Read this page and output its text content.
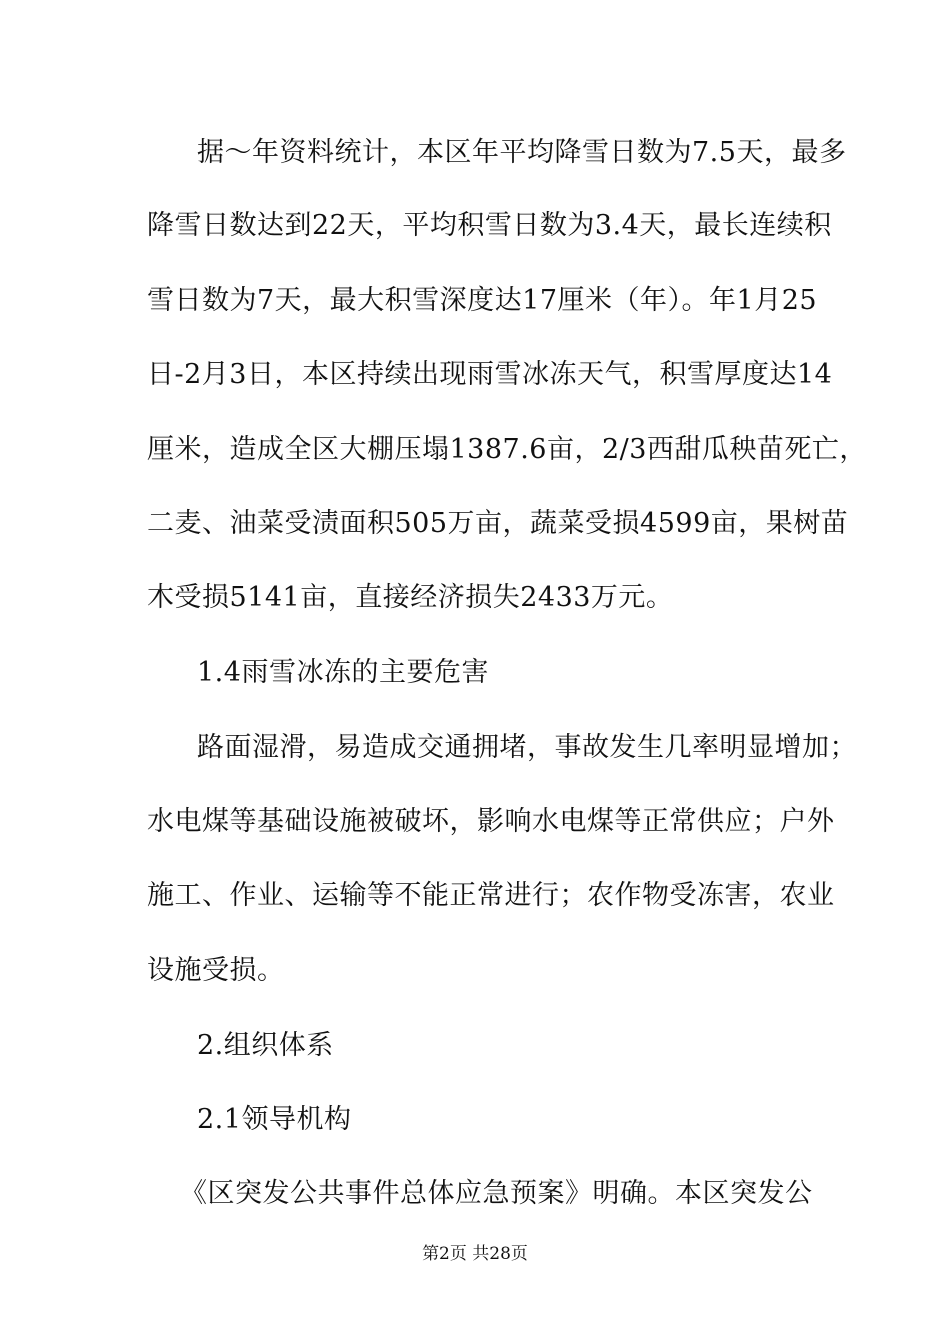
据～年资料统计，本区年平均降雪日数为7.5天，最多
降雪日数达到22天，平均积雪日数为3.4天，最长连续积
雪日数为7天，最大积雪深度达17厘米（年）。年1月25
日-2月3日，本区持续出现雨雪冰冻天气，积雪厚度达14
厘米，造成全区大棚压塌1387.6亩，2/3西甜瓜秧苗死亡，
二麦、油菜受渍面积505万亩，蔬菜受损4599亩，果树苗
木受损5141亩，直接经济损失2433万元。
1.4雨雪冰冻的主要危害
路面湿滑，易造成交通拥堵，事故发生几率明显增加；
水电煤等基础设施被破坏，影响水电煤等正常供应；户外
施工、作业、运输等不能正常进行；农作物受冻害，农业
设施受损。
2.组织体系
2.1领导机构
《区突发公共事件总体应急预案》明确。本区突发公
第2页 共28页
